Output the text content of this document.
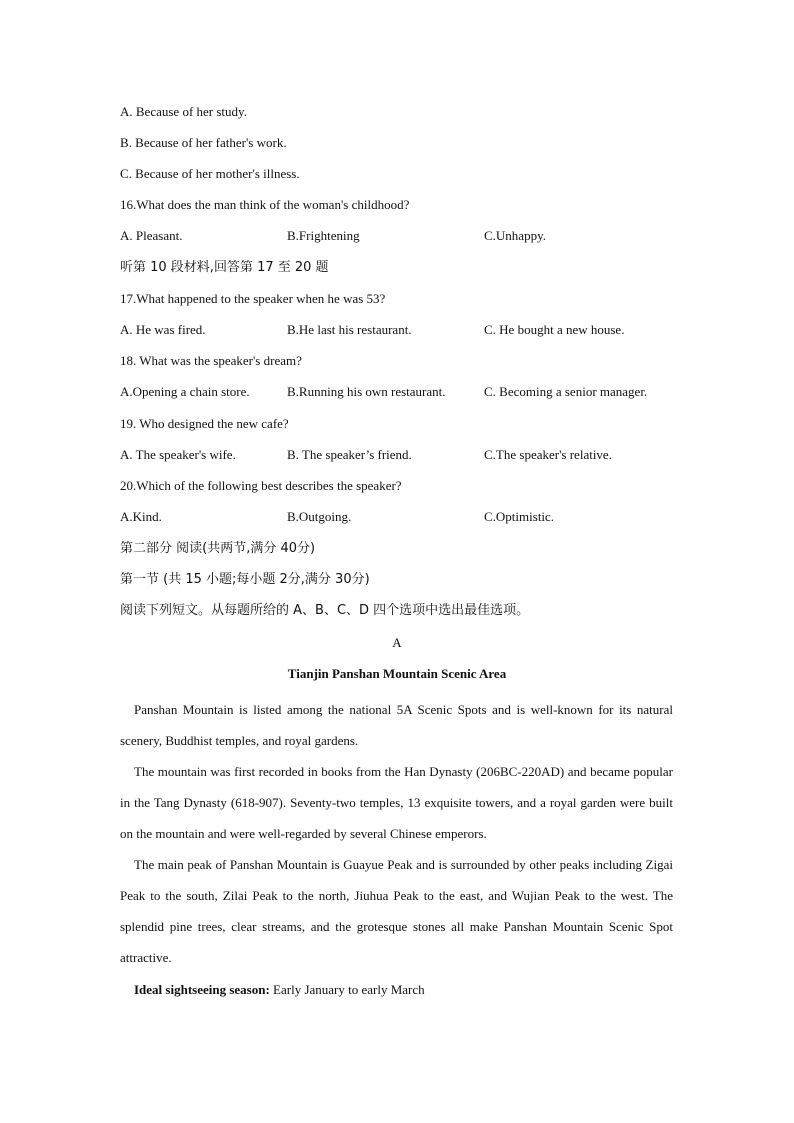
A. Because of her study.
B. Because of her father's work.
C. Because of her mother's illness.
16.What does the man think of the woman's childhood?
A. Pleasant.	B.Frightening	C.Unhappy.
听第 10 段材料,回答第 17 至 20 题
17.What happened to the speaker when he was 53?
A. He was fired.	B.He last his restaurant.	C. He bought a new house.
18. What was the speaker's dream?
A.Opening a chain store.	B.Running his own restaurant.	C. Becoming a senior manager.
19. Who designed the new cafe?
A. The speaker's wife.	B. The speaker’s friend.	C.The speaker's relative.
20.Which of the following best describes the speaker?
A.Kind.	B.Outgoing.	C.Optimistic.
第二部分 阅读(共两节,满分 40分)
第一节 (共 15 小题;每小题 2分,满分 30分)
阅读下列短文。从每题所给的 A、B、C、D 四个选项中选出最佳选项。
A
Tianjin Panshan Mountain Scenic Area
Panshan Mountain is listed among the national 5A Scenic Spots and is well-known for its natural scenery, Buddhist temples, and royal gardens.
The mountain was first recorded in books from the Han Dynasty (206BC-220AD) and became popular in the Tang Dynasty (618-907). Seventy-two temples, 13 exquisite towers, and a royal garden were built on the mountain and were well-regarded by several Chinese emperors.
The main peak of Panshan Mountain is Guayue Peak and is surrounded by other peaks including Zigai Peak to the south, Zilai Peak to the north, Jiuhua Peak to the east, and Wujian Peak to the west. The splendid pine trees, clear streams, and the grotesque stones all make Panshan Mountain Scenic Spot attractive.
Ideal sightseeing season: Early January to early March
